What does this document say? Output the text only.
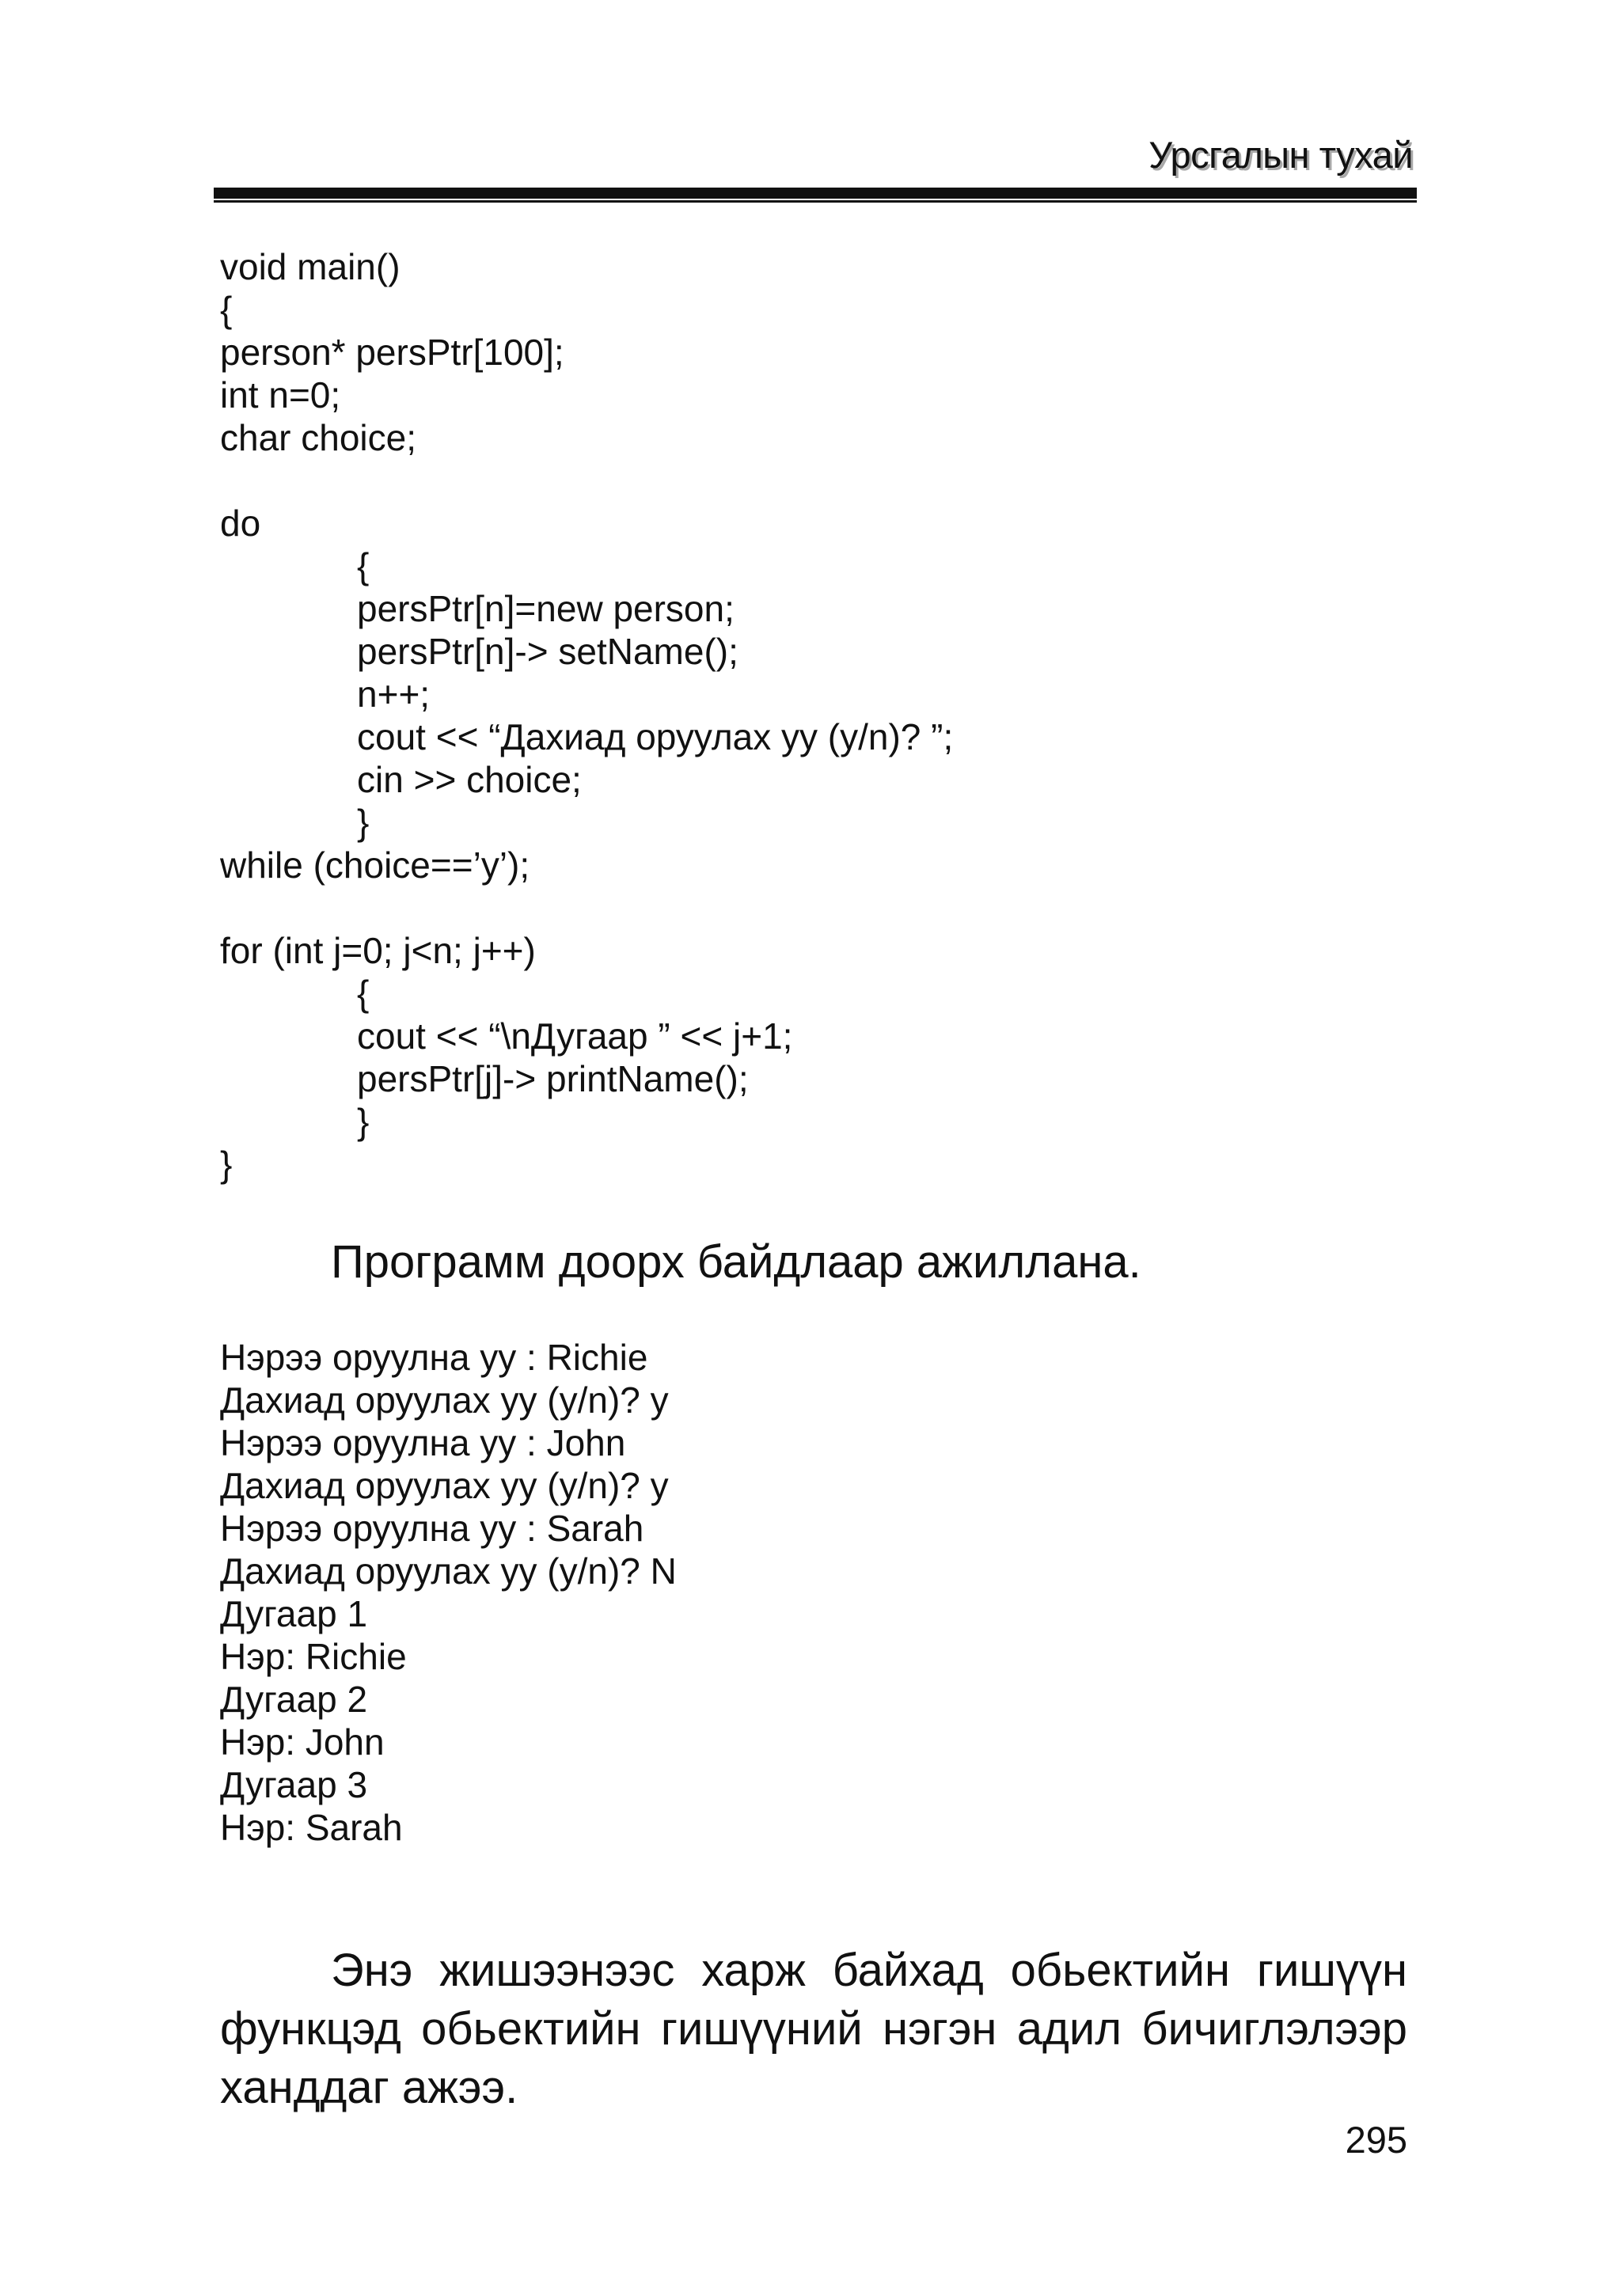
Урсгалын тухай
void main()
{
person* persPtr[100];
int n=0;
char choice;
do
{
persPtr[n]=new person;
persPtr[n]-> setName();
n++;
cout << “Дахиад оруулах уу (y/n)? ”;
cin >> choice;
}
while (choice==’y’);
for (int j=0; j<n; j++)
{
cout << “\nДугаар ” << j+1;
persPtr[j]-> printName();
}
}
Программ доорх байдлаар ажиллана.
Нэрээ оруулна уу : Richie
Дахиад оруулах уу (y/n)? y
Нэрээ оруулна уу : John
Дахиад оруулах уу (y/n)? y
Нэрээ оруулна уу : Sarah
Дахиад оруулах уу (y/n)? N
Дугаар 1
Нэр: Richie
Дугаар 2
Нэр: John
Дугаар 3
Нэр: Sarah

Энэ жишээнээс харж байхад обьектийн гишүүн функцэд обьектийн гишүүний нэгэн адил бичиглэлээр ханддаг ажээ.

295
